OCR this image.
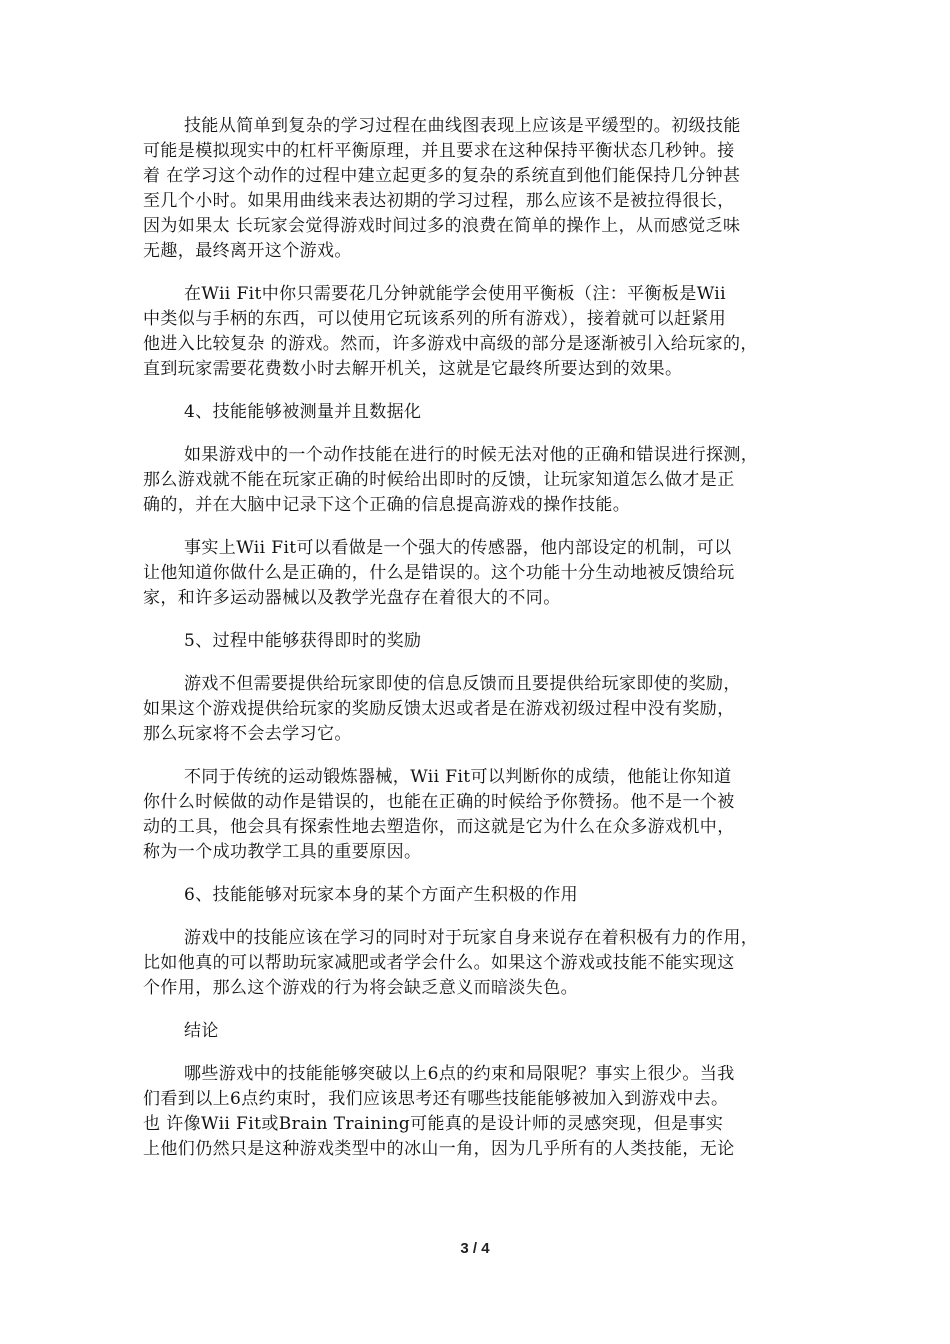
技能从简单到复杂的学习过程在曲线图表现上应该是平缓型的。初级技能
可能是模拟现实中的杠杆平衡原理，并且要求在这种保持平衡状态几秒钟。接
着 在学习这个动作的过程中建立起更多的复杂的系统直到他们能保持几分钟甚
至几个小时。如果用曲线来表达初期的学习过程，那么应该不是被拉得很长，
因为如果太 长玩家会觉得游戏时间过多的浪费在简单的操作上，从而感觉乏味
无趣，最终离开这个游戏。

在Wii Fit中你只需要花几分钟就能学会使用平衡板（注：平衡板是Wii
中类似与手柄的东西，可以使用它玩该系列的所有游戏），接着就可以赶紧用
他进入比较复杂 的游戏。然而，许多游戏中高级的部分是逐渐被引入给玩家的，
直到玩家需要花费数小时去解开机关，这就是它最终所要达到的效果。

4、技能能够被测量并且数据化

如果游戏中的一个动作技能在进行的时候无法对他的正确和错误进行探测，
那么游戏就不能在玩家正确的时候给出即时的反馈，让玩家知道怎么做才是正
确的，并在大脑中记录下这个正确的信息提高游戏的操作技能。

事实上Wii Fit可以看做是一个强大的传感器，他内部设定的机制，可以
让他知道你做什么是正确的，什么是错误的。这个功能十分生动地被反馈给玩
家，和许多运动器械以及教学光盘存在着很大的不同。

5、过程中能够获得即时的奖励

游戏不但需要提供给玩家即使的信息反馈而且要提供给玩家即使的奖励，
如果这个游戏提供给玩家的奖励反馈太迟或者是在游戏初级过程中没有奖励，
那么玩家将不会去学习它。

不同于传统的运动锻炼器械，Wii Fit可以判断你的成绩，他能让你知道
你什么时候做的动作是错误的，也能在正确的时候给予你赞扬。他不是一个被
动的工具，他会具有探索性地去塑造你，而这就是它为什么在众多游戏机中，
称为一个成功教学工具的重要原因。

6、技能能够对玩家本身的某个方面产生积极的作用

游戏中的技能应该在学习的同时对于玩家自身来说存在着积极有力的作用，
比如他真的可以帮助玩家减肥或者学会什么。如果这个游戏或技能不能实现这
个作用，那么这个游戏的行为将会缺乏意义而暗淡失色。

结论

哪些游戏中的技能能够突破以上6点的约束和局限呢？事实上很少。当我
们看到以上6点约束时，我们应该思考还有哪些技能能够被加入到游戏中去。
也 许像Wii Fit或Brain Training可能真的是设计师的灵感突现，但是事实
上他们仍然只是这种游戏类型中的冰山一角，因为几乎所有的人类技能，无论

3 / 4
